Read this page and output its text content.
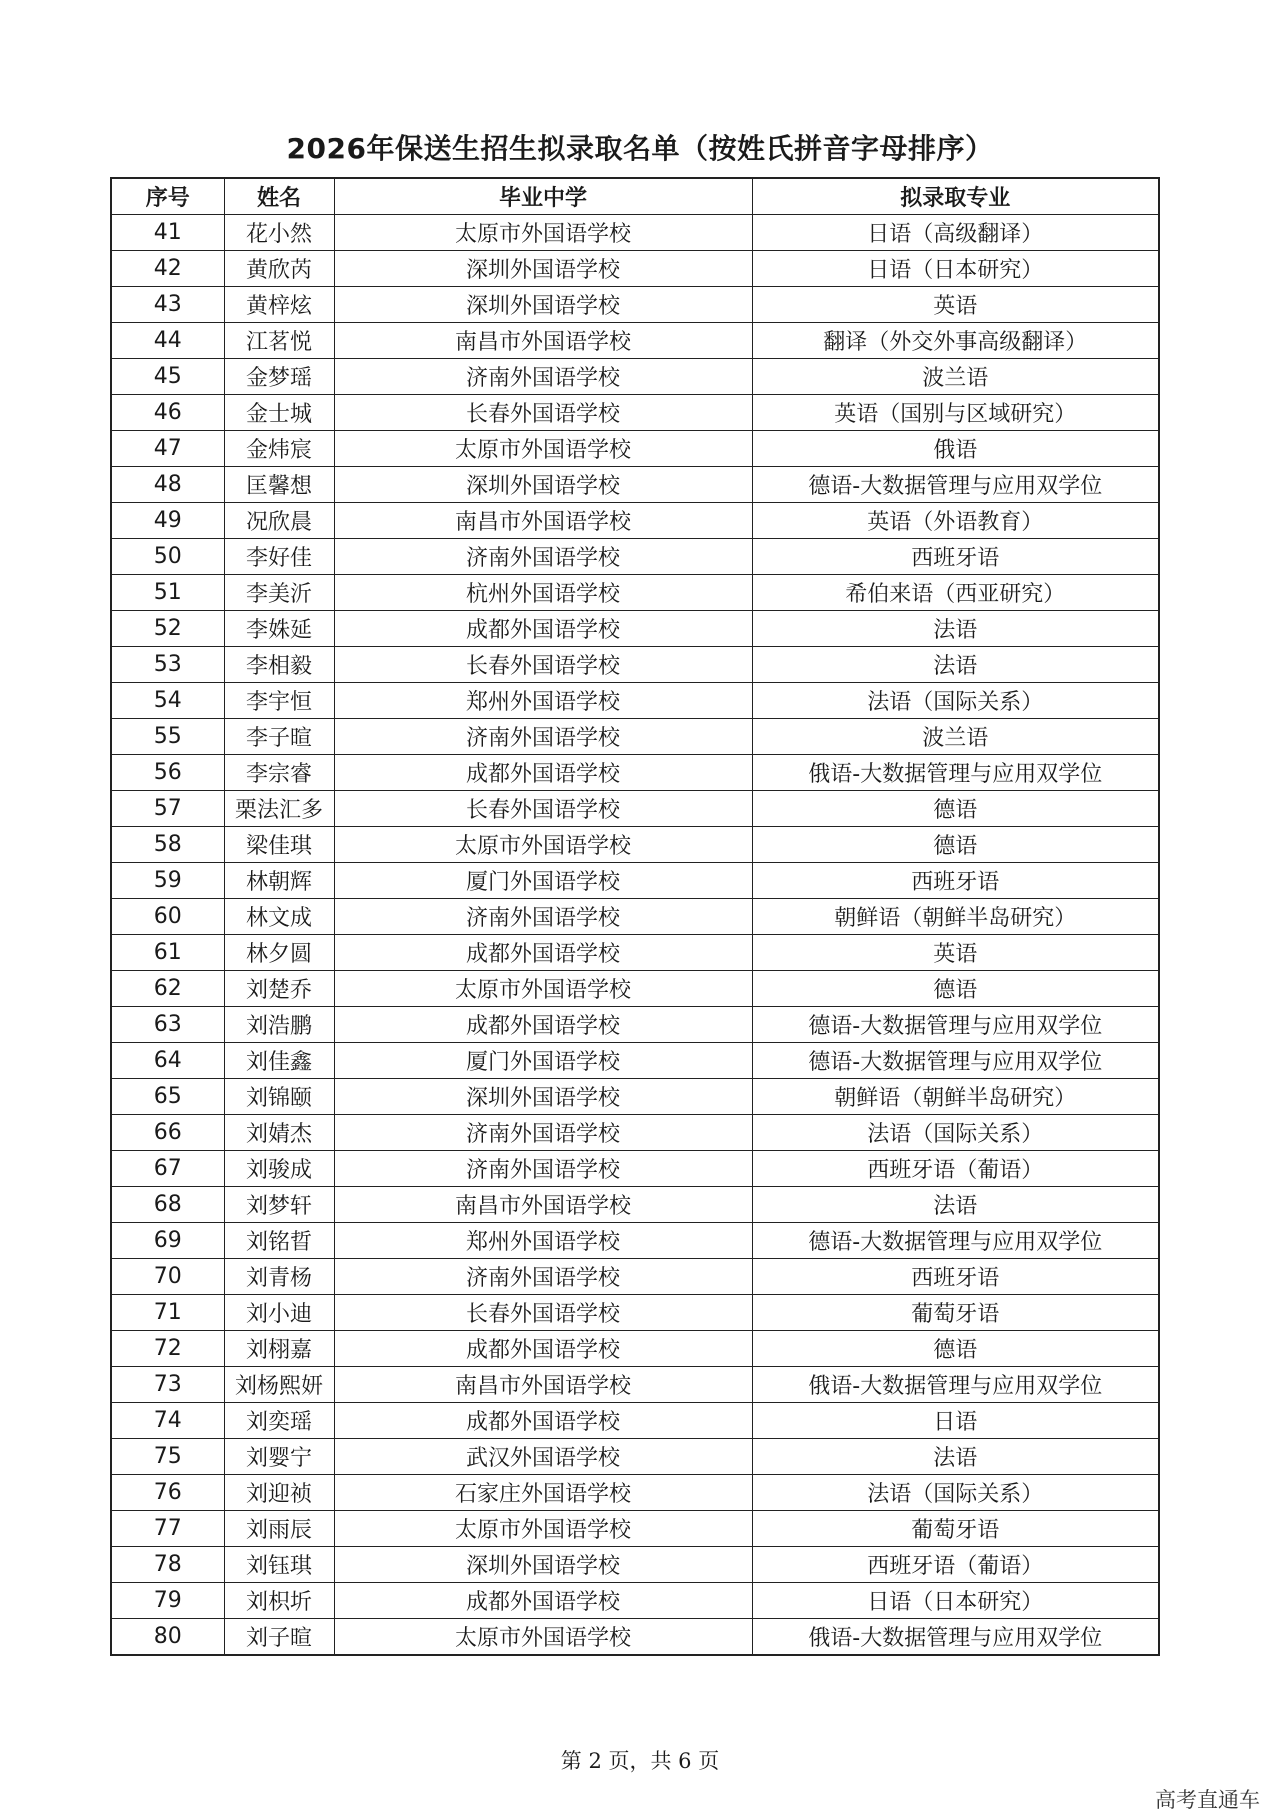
2026年保送生招生拟录取名单（按姓氏拼音字母排序）
序号	姓名	毕业中学	拟录取专业
41	花小然	太原市外国语学校	日语（高级翻译）
42	黄欣芮	深圳外国语学校	日语（日本研究）
43	黄梓炫	深圳外国语学校	英语
44	江茗悦	南昌市外国语学校	翻译（外交外事高级翻译）
45	金梦瑶	济南外国语学校	波兰语
46	金士城	长春外国语学校	英语（国别与区域研究）
47	金炜宸	太原市外国语学校	俄语
48	匡馨想	深圳外国语学校	德语-大数据管理与应用双学位
49	况欣晨	南昌市外国语学校	英语（外语教育）
50	李好佳	济南外国语学校	西班牙语
51	李美沂	杭州外国语学校	希伯来语（西亚研究）
52	李姝延	成都外国语学校	法语
53	李相毅	长春外国语学校	法语
54	李宇恒	郑州外国语学校	法语（国际关系）
55	李子暄	济南外国语学校	波兰语
56	李宗睿	成都外国语学校	俄语-大数据管理与应用双学位
57	栗法汇多	长春外国语学校	德语
58	梁佳琪	太原市外国语学校	德语
59	林朝辉	厦门外国语学校	西班牙语
60	林文成	济南外国语学校	朝鲜语（朝鲜半岛研究）
61	林夕圆	成都外国语学校	英语
62	刘楚乔	太原市外国语学校	德语
63	刘浩鹏	成都外国语学校	德语-大数据管理与应用双学位
64	刘佳鑫	厦门外国语学校	德语-大数据管理与应用双学位
65	刘锦颐	深圳外国语学校	朝鲜语（朝鲜半岛研究）
66	刘婧杰	济南外国语学校	法语（国际关系）
67	刘骏成	济南外国语学校	西班牙语（葡语）
68	刘梦轩	南昌市外国语学校	法语
69	刘铭晢	郑州外国语学校	德语-大数据管理与应用双学位
70	刘青杨	济南外国语学校	西班牙语
71	刘小迪	长春外国语学校	葡萄牙语
72	刘栩嘉	成都外国语学校	德语
73	刘杨熙妍	南昌市外国语学校	俄语-大数据管理与应用双学位
74	刘奕瑶	成都外国语学校	日语
75	刘婴宁	武汉外国语学校	法语
76	刘迎祯	石家庄外国语学校	法语（国际关系）
77	刘雨辰	太原市外国语学校	葡萄牙语
78	刘钰琪	深圳外国语学校	西班牙语（葡语）
79	刘枳圻	成都外国语学校	日语（日本研究）
80	刘子暄	太原市外国语学校	俄语-大数据管理与应用双学位
第 2 页，共 6 页
高考直通车
